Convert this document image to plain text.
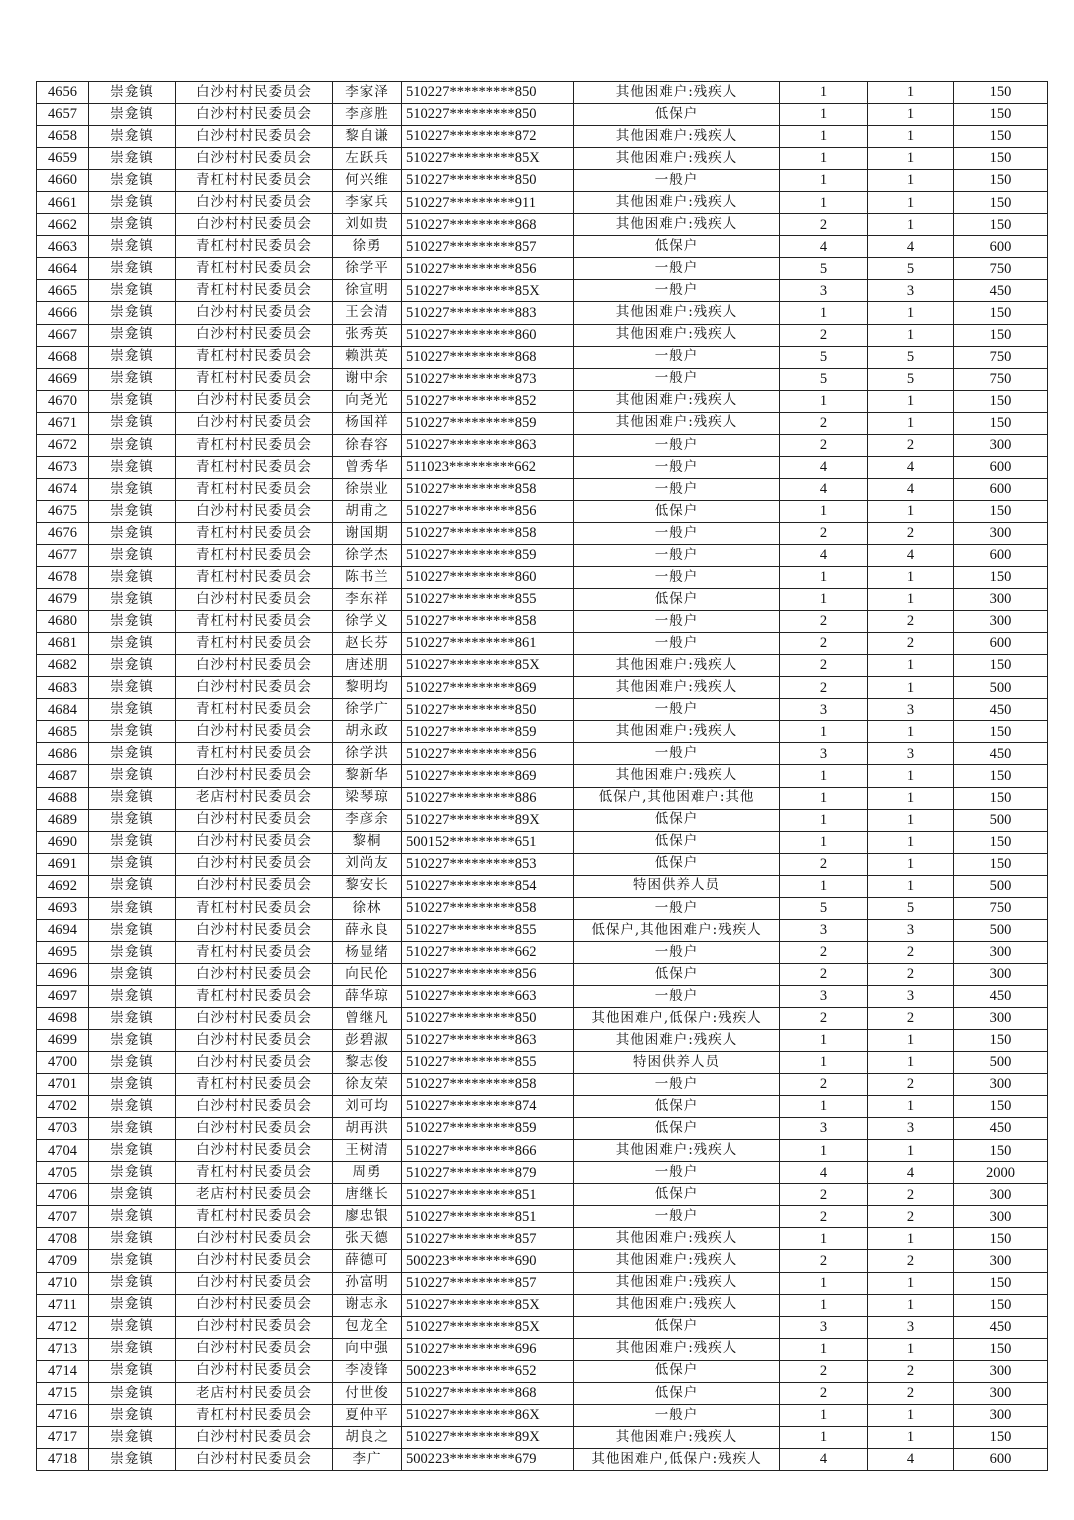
4656	崇龛镇	白沙村村民委员会	李家泽	510227*********850	其他困难户:残疾人	1	1	150
4657	崇龛镇	白沙村村民委员会	李彦胜	510227*********850	低保户	1	1	150
4658	崇龛镇	白沙村村民委员会	黎自谦	510227*********872	其他困难户:残疾人	1	1	150
4659	崇龛镇	白沙村村民委员会	左跃兵	510227*********85X	其他困难户:残疾人	1	1	150
4660	崇龛镇	青杠村村民委员会	何兴维	510227*********850	一般户	1	1	150
4661	崇龛镇	白沙村村民委员会	李家兵	510227*********911	其他困难户:残疾人	1	1	150
4662	崇龛镇	白沙村村民委员会	刘如贵	510227*********868	其他困难户:残疾人	2	1	150
4663	崇龛镇	青杠村村民委员会	徐勇	510227*********857	低保户	4	4	600
4664	崇龛镇	青杠村村民委员会	徐学平	510227*********856	一般户	5	5	750
4665	崇龛镇	青杠村村民委员会	徐宣明	510227*********85X	一般户	3	3	450
4666	崇龛镇	白沙村村民委员会	王会清	510227*********883	其他困难户:残疾人	1	1	150
4667	崇龛镇	白沙村村民委员会	张秀英	510227*********860	其他困难户:残疾人	2	1	150
4668	崇龛镇	青杠村村民委员会	赖洪英	510227*********868	一般户	5	5	750
4669	崇龛镇	青杠村村民委员会	谢中余	510227*********873	一般户	5	5	750
4670	崇龛镇	白沙村村民委员会	向尧光	510227*********852	其他困难户:残疾人	1	1	150
4671	崇龛镇	白沙村村民委员会	杨国祥	510227*********859	其他困难户:残疾人	2	1	150
4672	崇龛镇	青杠村村民委员会	徐春容	510227*********863	一般户	2	2	300
4673	崇龛镇	青杠村村民委员会	曾秀华	511023*********662	一般户	4	4	600
4674	崇龛镇	青杠村村民委员会	徐崇业	510227*********858	一般户	4	4	600
4675	崇龛镇	白沙村村民委员会	胡甫之	510227*********856	低保户	1	1	150
4676	崇龛镇	青杠村村民委员会	谢国期	510227*********858	一般户	2	2	300
4677	崇龛镇	青杠村村民委员会	徐学杰	510227*********859	一般户	4	4	600
4678	崇龛镇	青杠村村民委员会	陈书兰	510227*********860	一般户	1	1	150
4679	崇龛镇	白沙村村民委员会	李东祥	510227*********855	低保户	1	1	300
4680	崇龛镇	青杠村村民委员会	徐学义	510227*********858	一般户	2	2	300
4681	崇龛镇	青杠村村民委员会	赵长芬	510227*********861	一般户	2	2	600
4682	崇龛镇	白沙村村民委员会	唐述朋	510227*********85X	其他困难户:残疾人	2	1	150
4683	崇龛镇	白沙村村民委员会	黎明均	510227*********869	其他困难户:残疾人	2	1	500
4684	崇龛镇	青杠村村民委员会	徐学广	510227*********850	一般户	3	3	450
4685	崇龛镇	白沙村村民委员会	胡永政	510227*********859	其他困难户:残疾人	1	1	150
4686	崇龛镇	青杠村村民委员会	徐学洪	510227*********856	一般户	3	3	450
4687	崇龛镇	白沙村村民委员会	黎新华	510227*********869	其他困难户:残疾人	1	1	150
4688	崇龛镇	老店村村民委员会	梁琴琼	510227*********886	低保户,其他困难户:其他	1	1	150
4689	崇龛镇	白沙村村民委员会	李彦余	510227*********89X	低保户	1	1	500
4690	崇龛镇	白沙村村民委员会	黎桐	500152*********651	低保户	1	1	150
4691	崇龛镇	白沙村村民委员会	刘尚友	510227*********853	低保户	2	1	150
4692	崇龛镇	白沙村村民委员会	黎安长	510227*********854	特困供养人员	1	1	500
4693	崇龛镇	青杠村村民委员会	徐林	510227*********858	一般户	5	5	750
4694	崇龛镇	白沙村村民委员会	薛永良	510227*********855	低保户,其他困难户:残疾人	3	3	500
4695	崇龛镇	青杠村村民委员会	杨显绪	510227*********662	一般户	2	2	300
4696	崇龛镇	白沙村村民委员会	向民伦	510227*********856	低保户	2	2	300
4697	崇龛镇	青杠村村民委员会	薛华琼	510227*********663	一般户	3	3	450
4698	崇龛镇	白沙村村民委员会	曾继凡	510227*********850	其他困难户,低保户:残疾人	2	2	300
4699	崇龛镇	白沙村村民委员会	彭碧淑	510227*********863	其他困难户:残疾人	1	1	150
4700	崇龛镇	白沙村村民委员会	黎志俊	510227*********855	特困供养人员	1	1	500
4701	崇龛镇	青杠村村民委员会	徐友荣	510227*********858	一般户	2	2	300
4702	崇龛镇	白沙村村民委员会	刘可均	510227*********874	低保户	1	1	150
4703	崇龛镇	白沙村村民委员会	胡再洪	510227*********859	低保户	3	3	450
4704	崇龛镇	白沙村村民委员会	王树清	510227*********866	其他困难户:残疾人	1	1	150
4705	崇龛镇	青杠村村民委员会	周勇	510227*********879	一般户	4	4	2000
4706	崇龛镇	老店村村民委员会	唐继长	510227*********851	低保户	2	2	300
4707	崇龛镇	青杠村村民委员会	廖忠银	510227*********851	一般户	2	2	300
4708	崇龛镇	白沙村村民委员会	张天德	510227*********857	其他困难户:残疾人	1	1	150
4709	崇龛镇	白沙村村民委员会	薛德可	500223*********690	其他困难户:残疾人	2	2	300
4710	崇龛镇	白沙村村民委员会	孙富明	510227*********857	其他困难户:残疾人	1	1	150
4711	崇龛镇	白沙村村民委员会	谢志永	510227*********85X	其他困难户:残疾人	1	1	150
4712	崇龛镇	白沙村村民委员会	包龙全	510227*********85X	低保户	3	3	450
4713	崇龛镇	白沙村村民委员会	向中强	510227*********696	其他困难户:残疾人	1	1	150
4714	崇龛镇	白沙村村民委员会	李凌锋	500223*********652	低保户	2	2	300
4715	崇龛镇	老店村村民委员会	付世俊	510227*********868	低保户	2	2	300
4716	崇龛镇	青杠村村民委员会	夏仲平	510227*********86X	一般户	1	1	300
4717	崇龛镇	白沙村村民委员会	胡良之	510227*********89X	其他困难户:残疾人	1	1	150
4718	崇龛镇	白沙村村民委员会	李广	500223*********679	其他困难户,低保户:残疾人	4	4	600
